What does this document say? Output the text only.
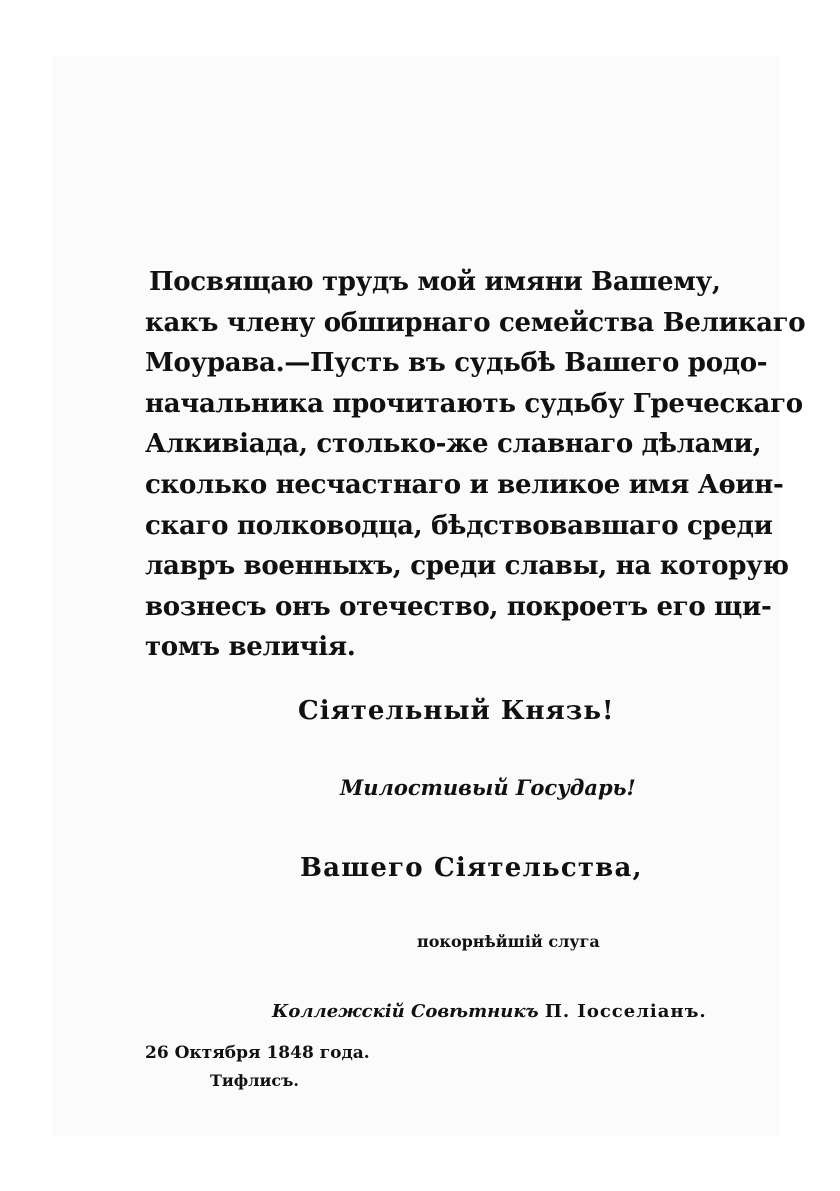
Посвящаю трудъ мой имяни Вашему,
какъ члену обширнаго семейства Великаго
Моурава.—Пусть въ судьбѣ Вашего родо-
начальника прочитають судьбу Греческаго
Алкивіада, столько-же славнаго дѣлами,
сколько несчастнаго и великое имя Аѳин-
скаго полководца, бѣдствовавшаго среди
лавръ военныхъ, среди славы, на которую
вознесъ онъ отечество, покроетъ его щи-
томъ величія.

Сіятельный Князь!

Милостивый Государь!

Вашего Сіятельства,

покорнѣйшій слуга

Коллежскій Совѣтникъ П. Іосселіанъ.

26 Октября 1848 года.

Тифлисъ.
